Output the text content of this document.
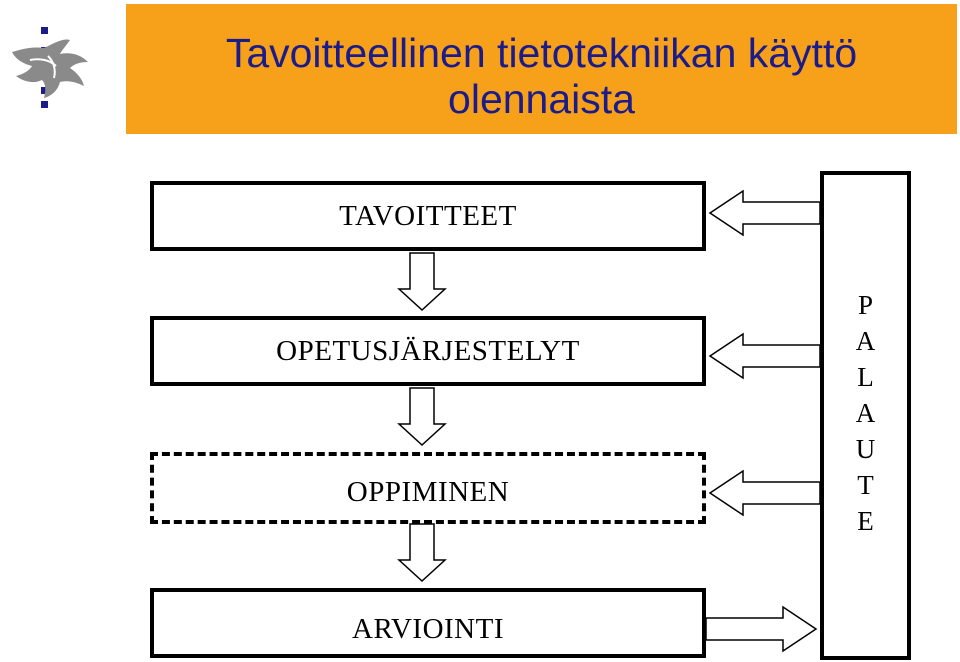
Tavoitteellinen tietotekniikan käyttö
olennaista
TAVOITTEET
OPETUSJÄRJESTELYT
OPPIMINEN
ARVIOINTI
P
A
L
A
U
T
E
